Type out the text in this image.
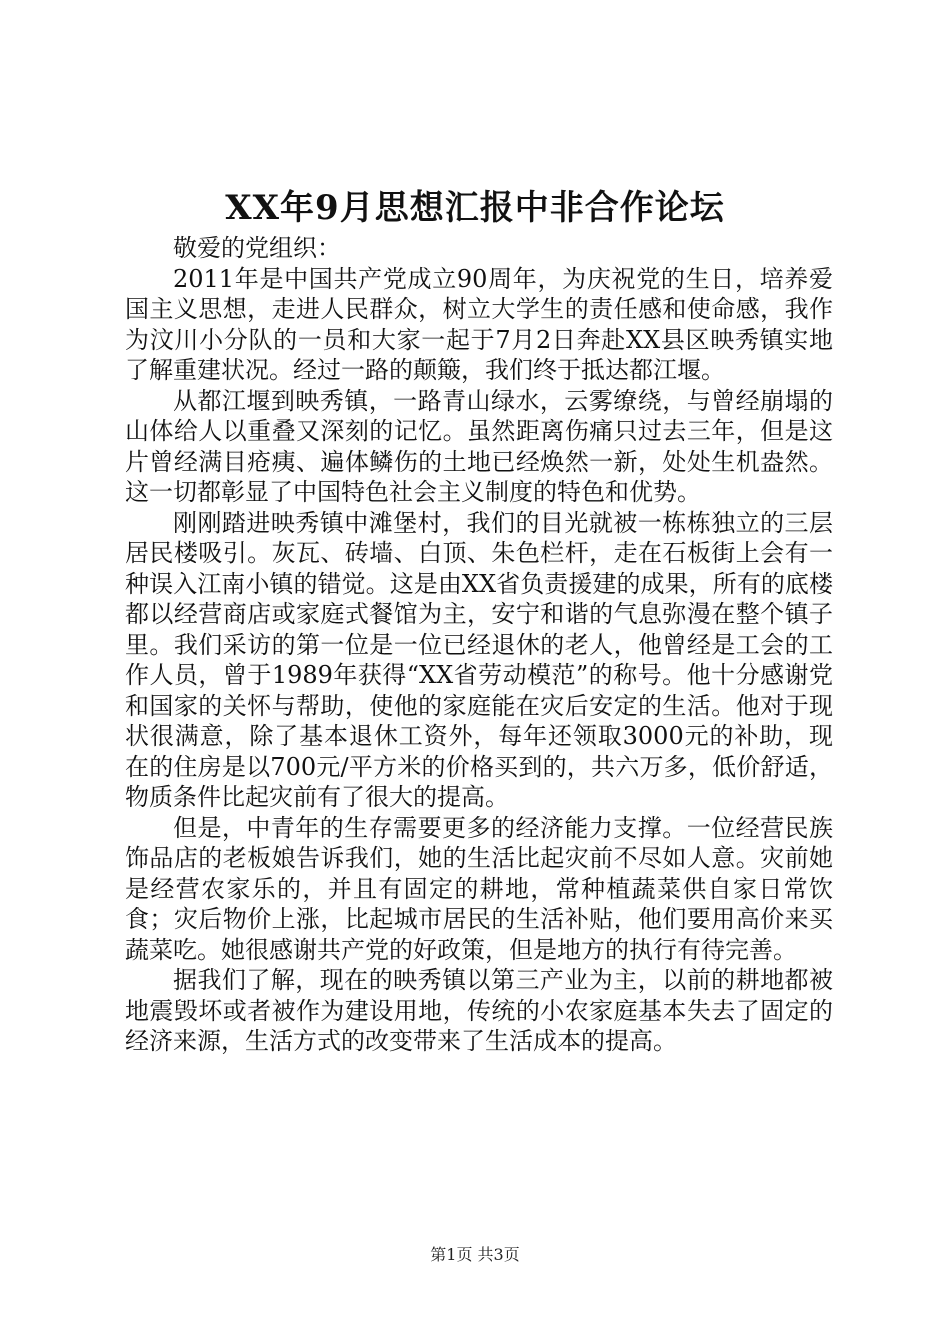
XX年9月思想汇报中非合作论坛

敬爱的党组织：

2011年是中国共产党成立90周年，为庆祝党的生日，培养爱国主义思想，走进人民群众，树立大学生的责任感和使命感，我作为汶川小分队的一员和大家一起于7月2日奔赴XX县区映秀镇实地了解重建状况。经过一路的颠簸，我们终于抵达都江堰。

从都江堰到映秀镇，一路青山绿水，云雾缭绕，与曾经崩塌的山体给人以重叠又深刻的记忆。虽然距离伤痛只过去三年，但是这片曾经满目疮痍、遍体鳞伤的土地已经焕然一新，处处生机盎然。这一切都彰显了中国特色社会主义制度的特色和优势。

刚刚踏进映秀镇中滩堡村，我们的目光就被一栋栋独立的三层居民楼吸引。灰瓦、砖墙、白顶、朱色栏杆，走在石板街上会有一种误入江南小镇的错觉。这是由XX省负责援建的成果，所有的底楼都以经营商店或家庭式餐馆为主，安宁和谐的气息弥漫在整个镇子里。我们采访的第一位是一位已经退休的老人，他曾经是工会的工作人员，曾于1989年获得“XX省劳动模范”的称号。他十分感谢党和国家的关怀与帮助，使他的家庭能在灾后安定的生活。他对于现状很满意，除了基本退休工资外，每年还领取3000元的补助，现在的住房是以700元/平方米的价格买到的，共六万多，低价舒适，物质条件比起灾前有了很大的提高。

但是，中青年的生存需要更多的经济能力支撑。一位经营民族饰品店的老板娘告诉我们，她的生活比起灾前不尽如人意。灾前她是经营农家乐的，并且有固定的耕地，常种植蔬菜供自家日常饮食；灾后物价上涨，比起城市居民的生活补贴，他们要用高价来买蔬菜吃。她很感谢共产党的好政策，但是地方的执行有待完善。

据我们了解，现在的映秀镇以第三产业为主，以前的耕地都被地震毁坏或者被作为建设用地，传统的小农家庭基本失去了固定的经济来源，生活方式的改变带来了生活成本的提高。

第1页 共3页
